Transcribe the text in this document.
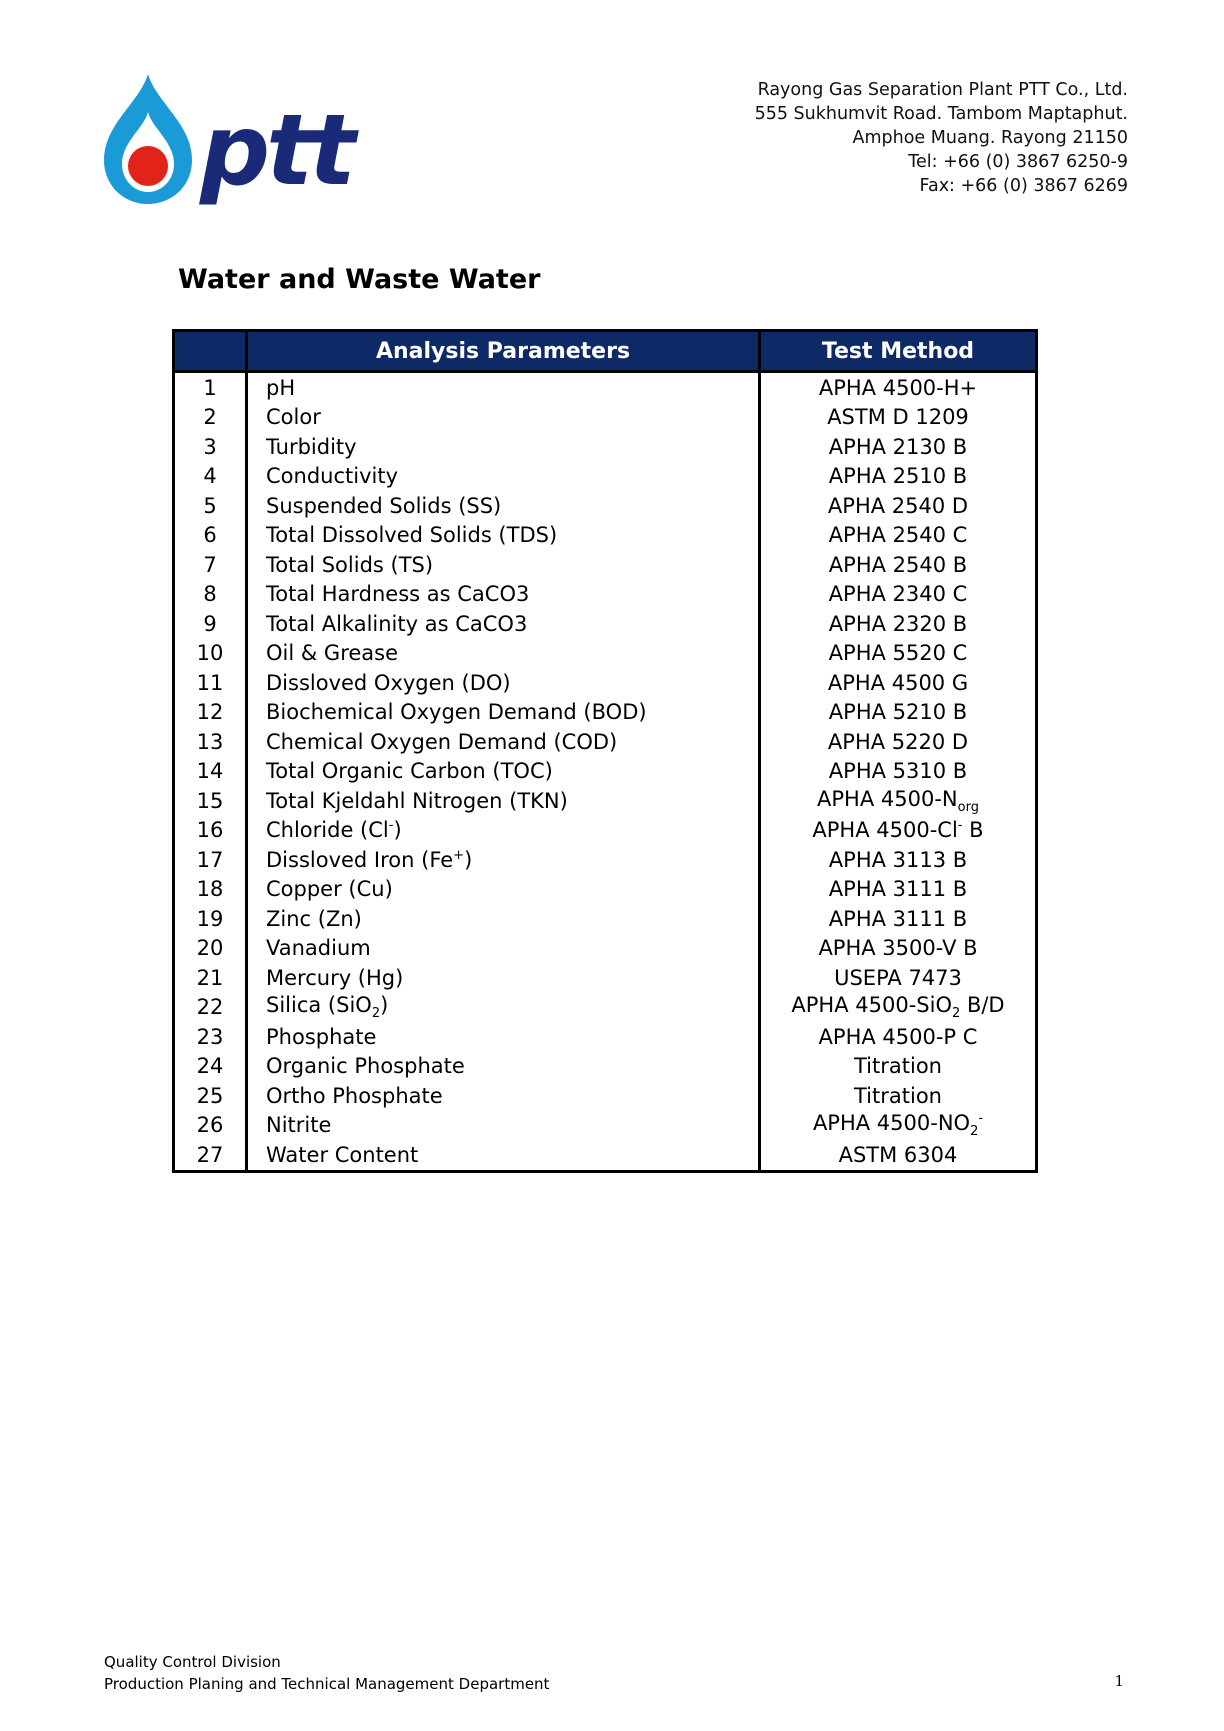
ptt
Rayong Gas Separation Plant PTT Co., Ltd.
555 Sukhumvit Road. Tambom Maptaphut.
Amphoe Muang. Rayong 21150
Tel: +66 (0) 3867 6250-9
Fax: +66 (0) 3867 6269
Water and Waste Water
	Analysis Parameters	Test Method
1	pH	APHA 4500-H+
2	Color	ASTM D 1209
3	Turbidity	APHA 2130 B
4	Conductivity	APHA 2510 B
5	Suspended Solids (SS)	APHA 2540 D
6	Total Dissolved Solids (TDS)	APHA 2540 C
7	Total Solids (TS)	APHA 2540 B
8	Total Hardness as CaCO3	APHA 2340 C
9	Total Alkalinity as CaCO3	APHA 2320 B
10	Oil & Grease	APHA 5520 C
11	Dissloved Oxygen (DO)	APHA 4500 G
12	Biochemical Oxygen Demand (BOD)	APHA 5210 B
13	Chemical Oxygen Demand (COD)	APHA 5220 D
14	Total Organic Carbon (TOC)	APHA 5310 B
15	Total Kjeldahl Nitrogen (TKN)	APHA $4500-N_{org}$
16	Chloride (Cl-)	APHA 4500-Cl- B
17	Dissloved Iron (Fe+)	APHA 3113 B
18	Copper (Cu)	APHA 3111 B
19	Zinc (Zn)	APHA 3111 B
20	Vanadium	APHA 3500-V B
21	Mercury (Hg)	USEPA 7473
22	Silica (SiO$_2$)	APHA 4500-SiO$_2$ B/D
23	Phosphate	APHA 4500-P C
24	Organic Phosphate	Titration
25	Ortho Phosphate	Titration
26	Nitrite	APHA $4500-NO_2^-$
27	Water Content	ASTM 6304
Quality Control Division
Production Planing and Technical Management Department	1
